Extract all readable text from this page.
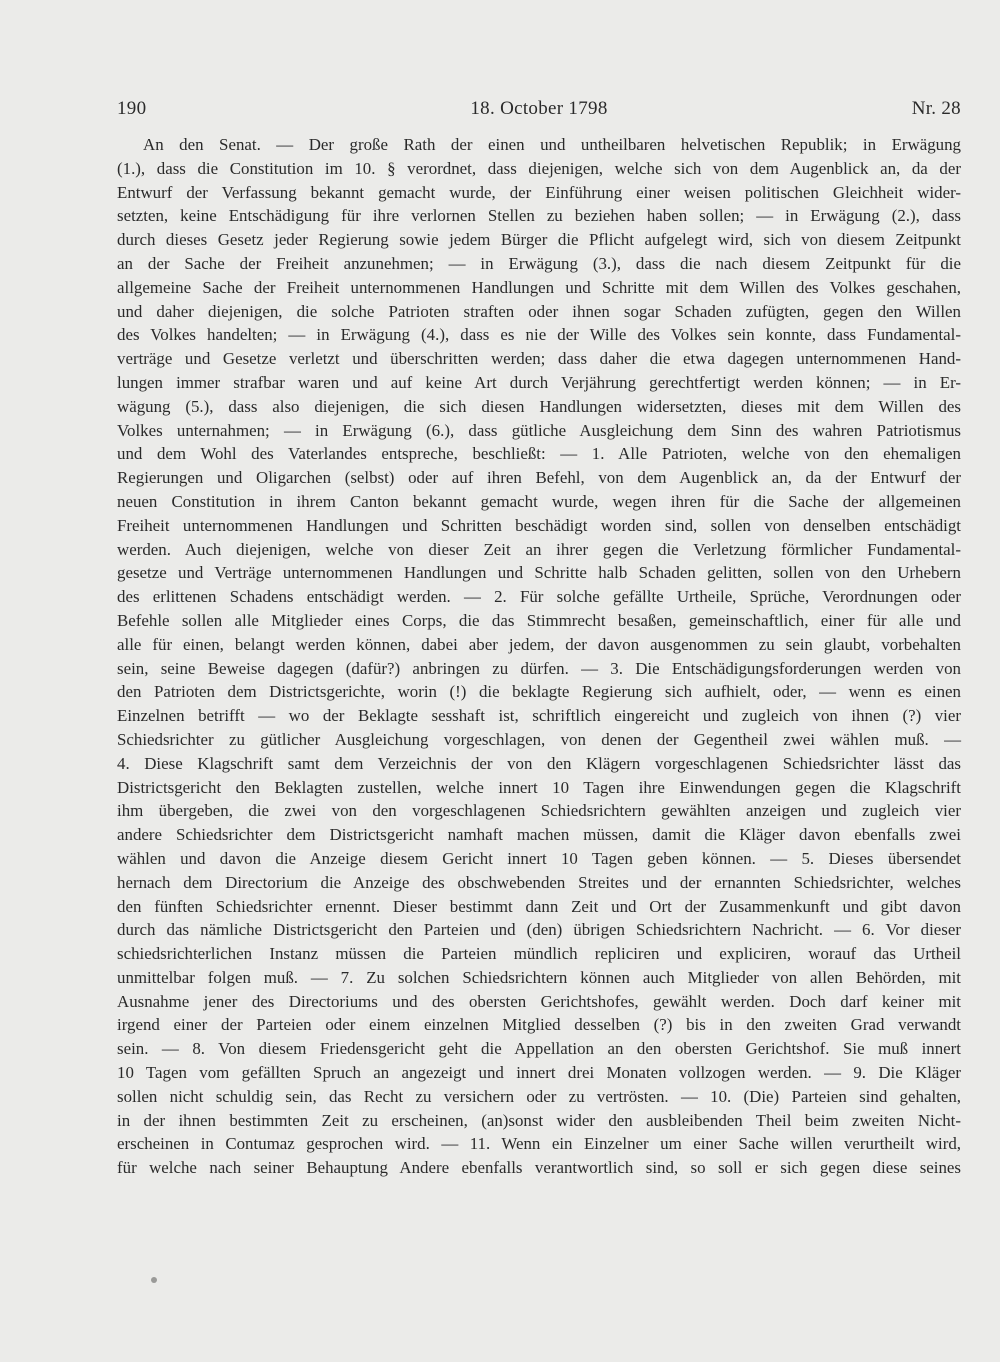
190	18. October 1798	Nr. 28
An den Senat. — Der große Rath der einen und untheilbaren helvetischen Republik; in Erwägung
(1.), dass die Constitution im 10. § verordnet, dass diejenigen, welche sich von dem Augenblick an, da der
Entwurf der Verfassung bekannt gemacht wurde, der Einführung einer weisen politischen Gleichheit wider-
setzten, keine Entschädigung für ihre verlornen Stellen zu beziehen haben sollen; — in Erwägung (2.), dass
durch dieses Gesetz jeder Regierung sowie jedem Bürger die Pflicht aufgelegt wird, sich von diesem Zeitpunkt
an der Sache der Freiheit anzunehmen; — in Erwägung (3.), dass die nach diesem Zeitpunkt für die
allgemeine Sache der Freiheit unternommenen Handlungen und Schritte mit dem Willen des Volkes geschahen,
und daher diejenigen, die solche Patrioten straften oder ihnen sogar Schaden zufügten, gegen den Willen
des Volkes handelten; — in Erwägung (4.), dass es nie der Wille des Volkes sein konnte, dass Fundamental-
verträge und Gesetze verletzt und überschritten werden; dass daher die etwa dagegen unternommenen Hand-
lungen immer strafbar waren und auf keine Art durch Verjährung gerechtfertigt werden können; — in Er-
wägung (5.), dass also diejenigen, die sich diesen Handlungen widersetzten, dieses mit dem Willen des
Volkes unternahmen; — in Erwägung (6.), dass gütliche Ausgleichung dem Sinn des wahren Patriotismus
und dem Wohl des Vaterlandes entspreche, beschließt: — 1. Alle Patrioten, welche von den ehemaligen
Regierungen und Oligarchen (selbst) oder auf ihren Befehl, von dem Augenblick an, da der Entwurf der
neuen Constitution in ihrem Canton bekannt gemacht wurde, wegen ihren für die Sache der allgemeinen
Freiheit unternommenen Handlungen und Schritten beschädigt worden sind, sollen von denselben entschädigt
werden. Auch diejenigen, welche von dieser Zeit an ihrer gegen die Verletzung förmlicher Fundamental-
gesetze und Verträge unternommenen Handlungen und Schritte halb Schaden gelitten, sollen von den Urhebern
des erlittenen Schadens entschädigt werden. — 2. Für solche gefällte Urtheile, Sprüche, Verordnungen oder
Befehle sollen alle Mitglieder eines Corps, die das Stimmrecht besaßen, gemeinschaftlich, einer für alle und
alle für einen, belangt werden können, dabei aber jedem, der davon ausgenommen zu sein glaubt, vorbehalten
sein, seine Beweise dagegen (dafür?) anbringen zu dürfen. — 3. Die Entschädigungsforderungen werden von
den Patrioten dem Districtsgerichte, worin (!) die beklagte Regierung sich aufhielt, oder, — wenn es einen
Einzelnen betrifft — wo der Beklagte sesshaft ist, schriftlich eingereicht und zugleich von ihnen (?) vier
Schiedsrichter zu gütlicher Ausgleichung vorgeschlagen, von denen der Gegentheil zwei wählen muß. —
4. Diese Klagschrift samt dem Verzeichnis der von den Klägern vorgeschlagenen Schiedsrichter lässt das
Districtsgericht den Beklagten zustellen, welche innert 10 Tagen ihre Einwendungen gegen die Klagschrift
ihm übergeben, die zwei von den vorgeschlagenen Schiedsrichtern gewählten anzeigen und zugleich vier
andere Schiedsrichter dem Districtsgericht namhaft machen müssen, damit die Kläger davon ebenfalls zwei
wählen und davon die Anzeige diesem Gericht innert 10 Tagen geben können. — 5. Dieses übersendet
hernach dem Directorium die Anzeige des obschwebenden Streites und der ernannten Schiedsrichter, welches
den fünften Schiedsrichter ernennt. Dieser bestimmt dann Zeit und Ort der Zusammenkunft und gibt davon
durch das nämliche Districtsgericht den Parteien und (den) übrigen Schiedsrichtern Nachricht. — 6. Vor dieser
schiedsrichterlichen Instanz müssen die Parteien mündlich repliciren und expliciren, worauf das Urtheil
unmittelbar folgen muß. — 7. Zu solchen Schiedsrichtern können auch Mitglieder von allen Behörden, mit
Ausnahme jener des Directoriums und des obersten Gerichtshofes, gewählt werden. Doch darf keiner mit
irgend einer der Parteien oder einem einzelnen Mitglied desselben (?) bis in den zweiten Grad verwandt
sein. — 8. Von diesem Friedensgericht geht die Appellation an den obersten Gerichtshof. Sie muß innert
10 Tagen vom gefällten Spruch an angezeigt und innert drei Monaten vollzogen werden. — 9. Die Kläger
sollen nicht schuldig sein, das Recht zu versichern oder zu vertrösten. — 10. (Die) Parteien sind gehalten,
in der ihnen bestimmten Zeit zu erscheinen, (an)sonst wider den ausbleibenden Theil beim zweiten Nicht-
erscheinen in Contumaz gesprochen wird. — 11. Wenn ein Einzelner um einer Sache willen verurtheilt wird,
für welche nach seiner Behauptung Andere ebenfalls verantwortlich sind, so soll er sich gegen diese seines
